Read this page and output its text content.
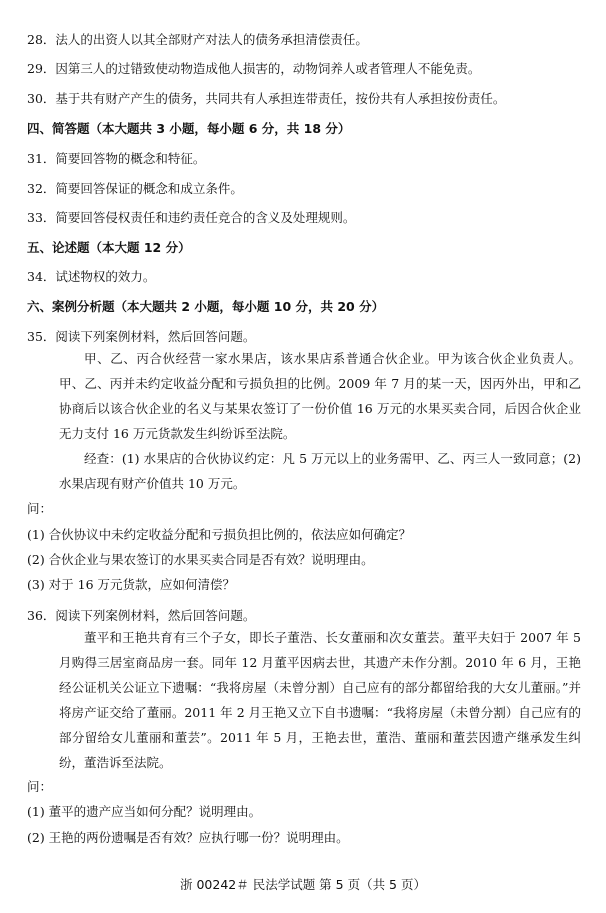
28．法人的出资人以其全部财产对法人的债务承担清偿责任。
29．因第三人的过错致使动物造成他人损害的，动物饲养人或者管理人不能免责。
30．基于共有财产产生的债务，共同共有人承担连带责任，按份共有人承担按份责任。
四、简答题（本大题共 3 小题，每小题 6 分，共 18 分）
31．简要回答物的概念和特征。
32．简要回答保证的概念和成立条件。
33．简要回答侵权责任和违约责任竞合的含义及处理规则。
五、论述题（本大题 12 分）
34．试述物权的效力。
六、案例分析题（本大题共 2 小题，每小题 10 分，共 20 分）
35．阅读下列案例材料，然后回答问题。
甲、乙、丙合伙经营一家水果店，该水果店系普通合伙企业。甲为该合伙企业负责人。甲、乙、丙并未约定收益分配和亏损负担的比例。2009 年 7 月的某一天，因丙外出，甲和乙协商后以该合伙企业的名义与某果农签订了一份价值 16 万元的水果买卖合同，后因合伙企业无力支付 16 万元货款发生纠纷诉至法院。
经查：(1) 水果店的合伙协议约定：凡 5 万元以上的业务需甲、乙、丙三人一致同意；(2) 水果店现有财产价值共 10 万元。
问：
(1) 合伙协议中未约定收益分配和亏损负担比例的，依法应如何确定？
(2) 合伙企业与果农签订的水果买卖合同是否有效？说明理由。
(3) 对于 16 万元货款，应如何清偿？
36．阅读下列案例材料，然后回答问题。
董平和王艳共育有三个子女，即长子董浩、长女董丽和次女董芸。董平夫妇于 2007 年 5 月购得三居室商品房一套。同年 12 月董平因病去世，其遗产未作分割。2010 年 6 月，王艳经公证机关公证立下遗嘱：“我将房屋（未曾分割）自己应有的部分都留给我的大女儿董丽。”并将房产证交给了董丽。2011 年 2 月王艳又立下自书遗嘱：“我将房屋（未曾分割）自己应有的部分留给女儿董丽和董芸”。2011 年 5 月，王艳去世，董浩、董丽和董芸因遗产继承发生纠纷，董浩诉至法院。
问：
(1) 董平的遗产应当如何分配？说明理由。
(2) 王艳的两份遗嘱是否有效？应执行哪一份？说明理由。
浙 00242＃ 民法学试题 第 5 页（共 5 页）
